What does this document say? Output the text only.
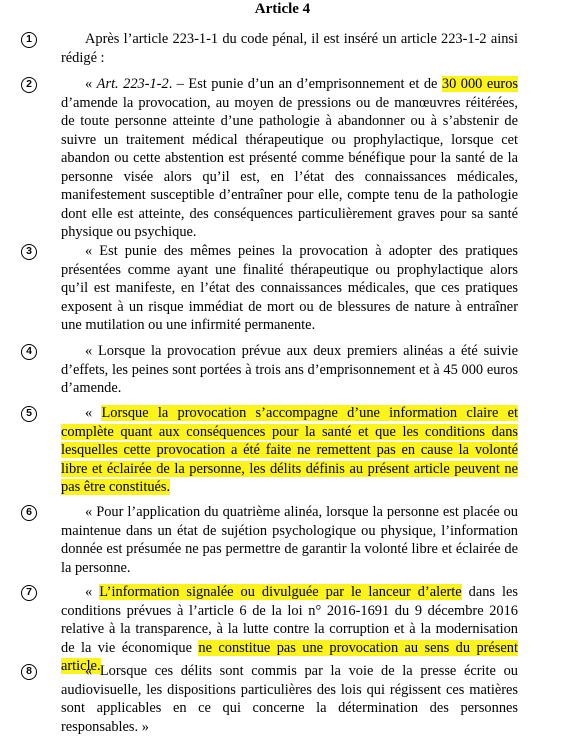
Article 4
1	Après l’article 223-1-1 du code pénal, il est inséré un article 223-1-2 ainsi rédigé :

2	« Art. 223-1-2. – Est punie d’un an d’emprisonnement et de 30 000 euros d’amende la provocation, au moyen de pressions ou de manœuvres réitérées, de toute personne atteinte d’une pathologie à abandonner ou à s’abstenir de suivre un traitement médical thérapeutique ou prophylactique, lorsque cet abandon ou cette abstention est présenté comme bénéfique pour la santé de la personne visée alors qu’il est, en l’état des connaissances médicales, manifestement susceptible d’entraîner pour elle, compte tenu de la pathologie dont elle est atteinte, des conséquences particulièrement graves pour sa santé physique ou psychique.

3	« Est punie des mêmes peines la provocation à adopter des pratiques présentées comme ayant une finalité thérapeutique ou prophylactique alors qu’il est manifeste, en l’état des connaissances médicales, que ces pratiques exposent à un risque immédiat de mort ou de blessures de nature à entraîner une mutilation ou une infirmité permanente.

4	« Lorsque la provocation prévue aux deux premiers alinéas a été suivie d’effets, les peines sont portées à trois ans d’emprisonnement et à 45 000 euros d’amende.

5	« Lorsque la provocation s’accompagne d’une information claire et complète quant aux conséquences pour la santé et que les conditions dans lesquelles cette provocation a été faite ne remettent pas en cause la volonté libre et éclairée de la personne, les délits définis au présent article peuvent ne pas être constitués.

6	« Pour l’application du quatrième alinéa, lorsque la personne est placée ou maintenue dans un état de sujétion psychologique ou physique, l’information donnée est présumée ne pas permettre de garantir la volonté libre et éclairée de la personne.

7	« L’information signalée ou divulguée par le lanceur d’alerte dans les conditions prévues à l’article 6 de la loi n° 2016-1691 du 9 décembre 2016 relative à la transparence, à la lutte contre la corruption et à la modernisation de la vie économique ne constitue pas une provocation au sens du présent article.

8	« Lorsque ces délits sont commis par la voie de la presse écrite ou audiovisuelle, les dispositions particulières des lois qui régissent ces matières sont applicables en ce qui concerne la détermination des personnes responsables. »
